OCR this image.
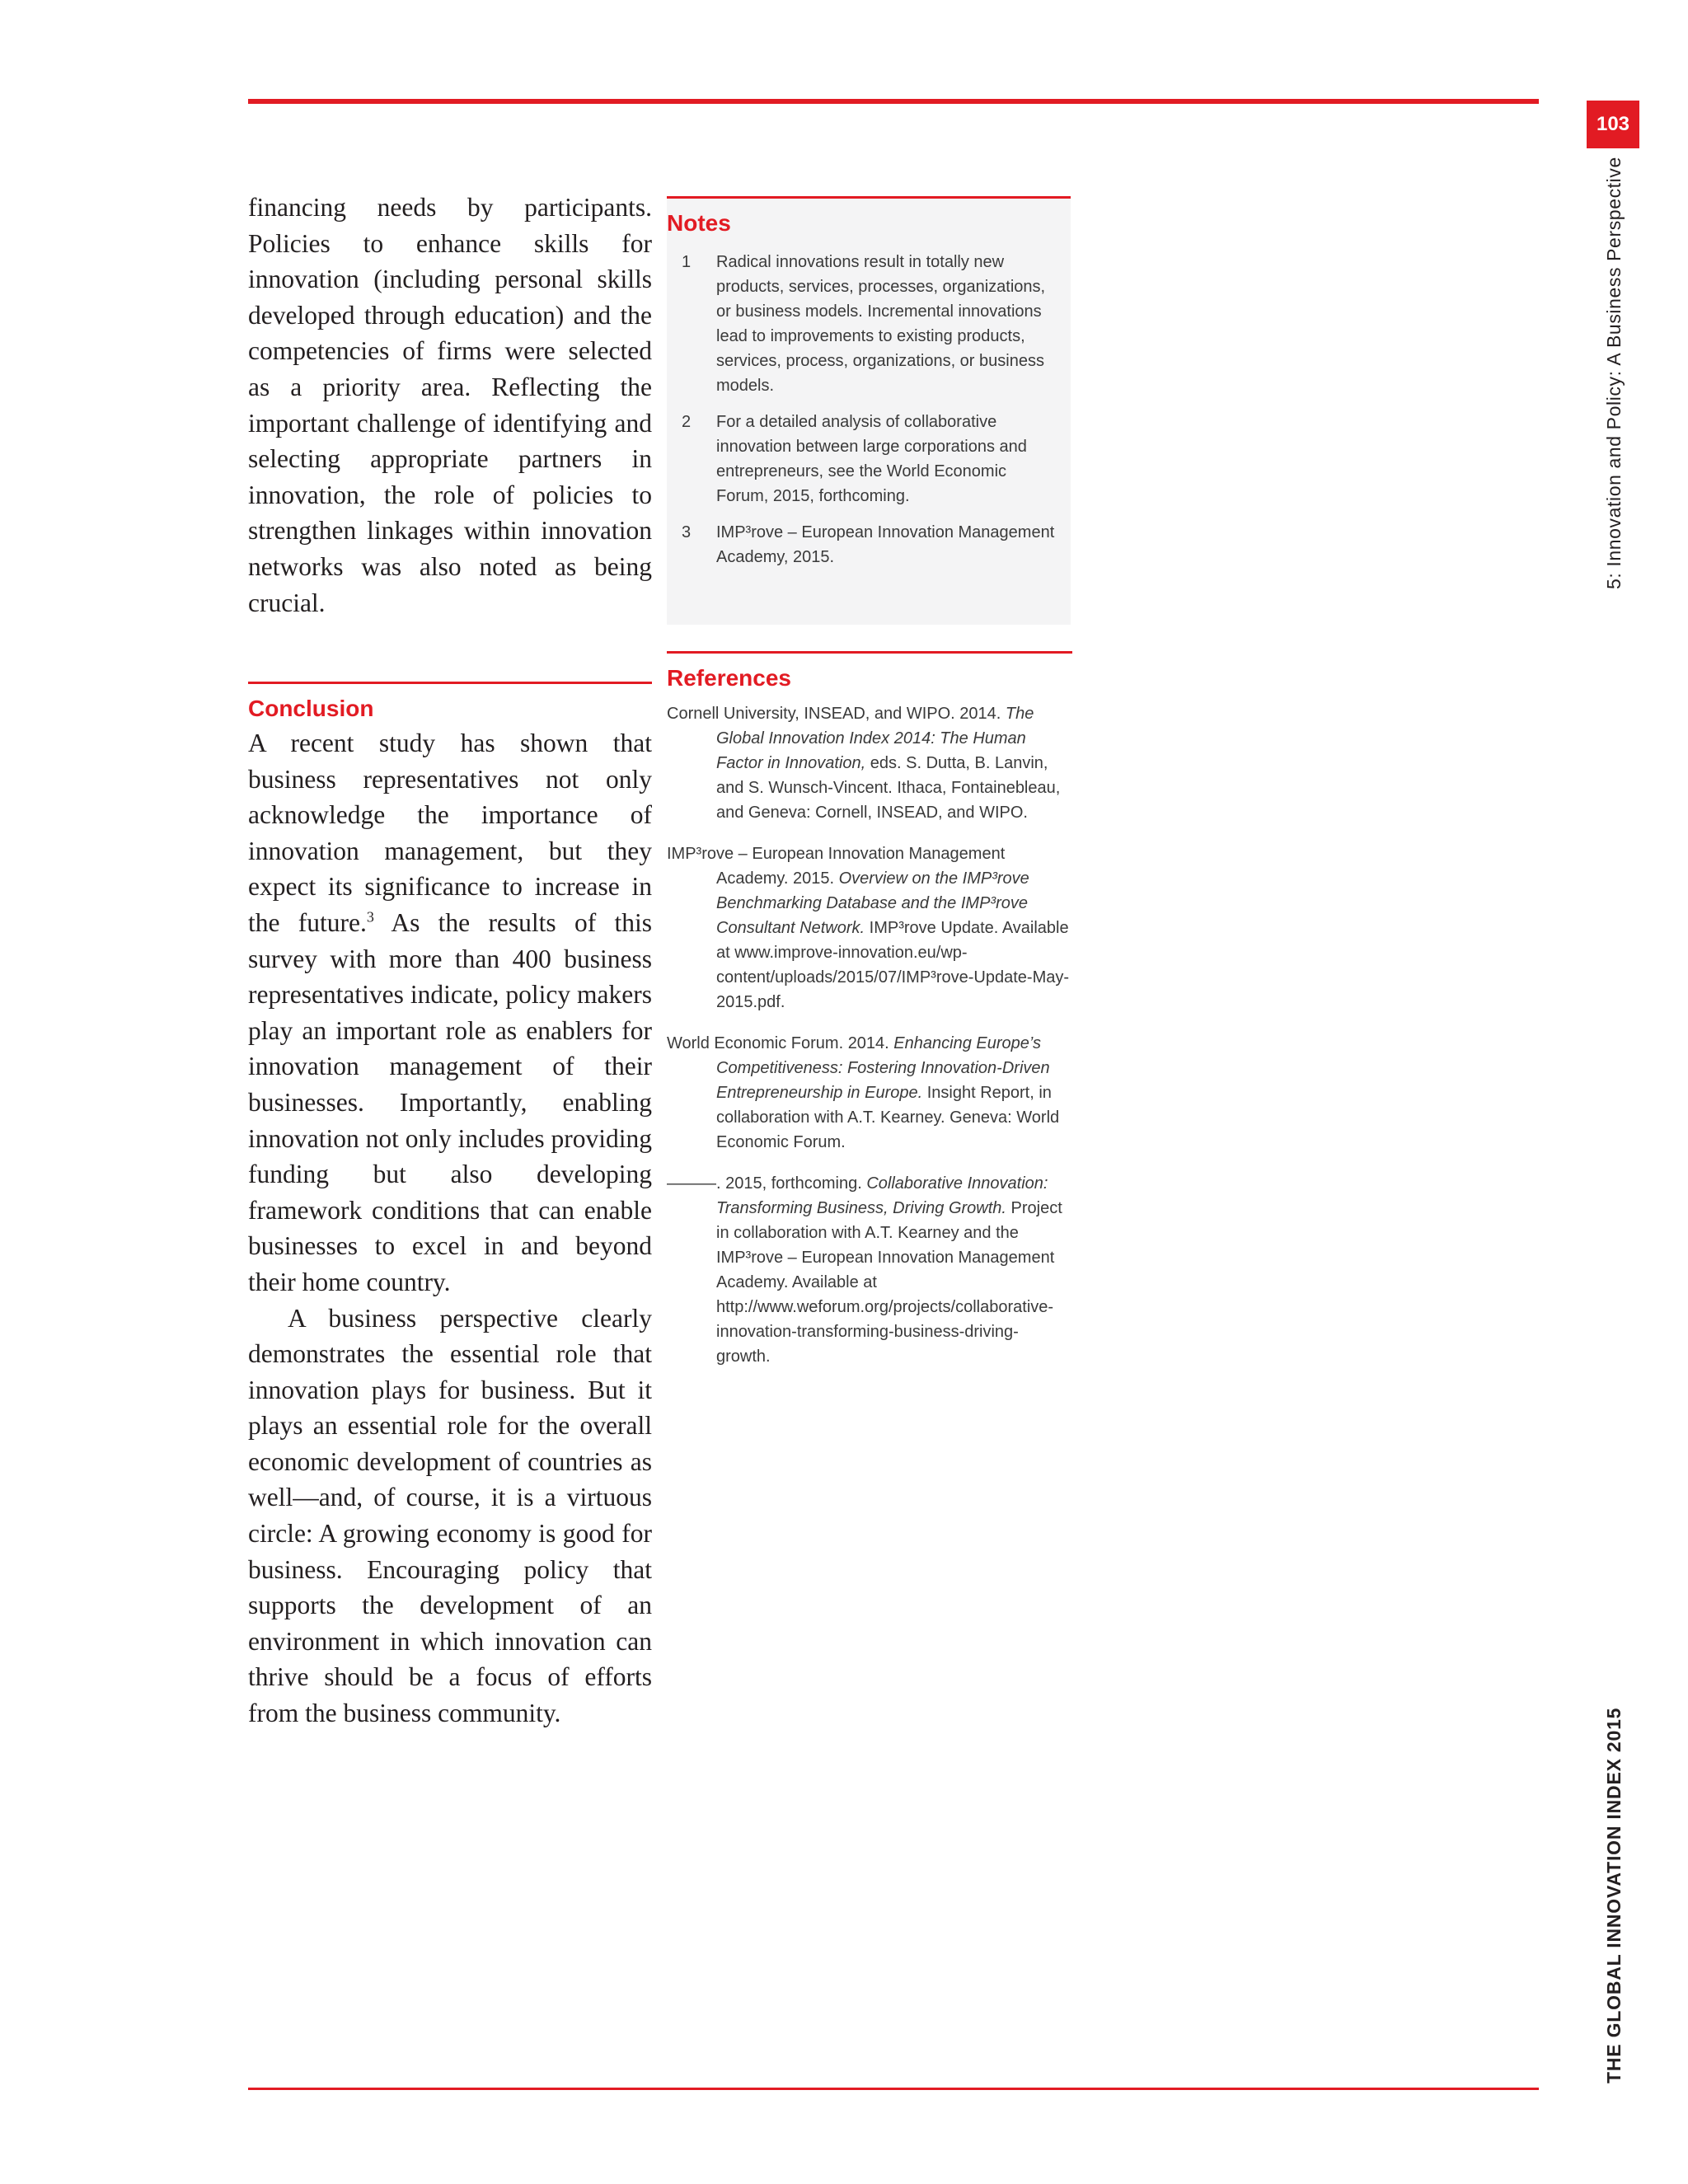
103
5: Innovation and Policy: A Business Perspective
THE GLOBAL INNOVATION INDEX 2015

financing needs by participants. Policies to enhance skills for innovation (including personal skills developed through education) and the competencies of firms were selected as a priority area. Reflecting the important challenge of identifying and selecting appropriate partners in innovation, the role of policies to strengthen linkages within innovation networks was also noted as being crucial.

Conclusion

A recent study has shown that business representatives not only acknowledge the importance of innovation management, but they expect its significance to increase in the future.$^3$ As the results of this survey with more than 400 business representatives indicate, policy makers play an important role as enablers for innovation management of their businesses. Importantly, enabling innovation not only includes providing funding but also developing framework conditions that can enable businesses to excel in and beyond their home country.

A business perspective clearly demonstrates the essential role that innovation plays for business. But it plays an essential role for the overall economic development of countries as well—and, of course, it is a virtuous circle: A growing economy is good for business. Encouraging policy that supports the development of an environment in which innovation can thrive should be a focus of efforts from the business community.

Notes
1	Radical innovations result in totally new products, services, processes, organizations, or business models. Incremental innovations lead to improvements to existing products, services, process, organizations, or business models.
2	For a detailed analysis of collaborative innovation between large corporations and entrepreneurs, see the World Economic Forum, 2015, forthcoming.
3	IMP³rove – European Innovation Management Academy, 2015.
References
Cornell University, INSEAD, and WIPO. 2014. The Global Innovation Index 2014: The Human Factor in Innovation, eds. S. Dutta, B. Lanvin, and S. Wunsch-Vincent. Ithaca, Fontainebleau, and Geneva: Cornell, INSEAD, and WIPO.
IMP³rove – European Innovation Management Academy. 2015. Overview on the IMP³rove Benchmarking Database and the IMP³rove Consultant Network. IMP³rove Update. Available at www.improve-innovation.eu/wp-content/uploads/2015/07/IMP³rove-Update-May-2015.pdf.
World Economic Forum. 2014. Enhancing Europe’s Competitiveness: Fostering Innovation-Driven Entrepreneurship in Europe. Insight Report, in collaboration with A.T. Kearney. Geneva: World Economic Forum.
———. 2015, forthcoming. Collaborative Innovation: Transforming Business, Driving Growth. Project in collaboration with A.T. Kearney and the IMP³rove – European Innovation Management Academy. Available at http://www.weforum.org/projects/collaborative-innovation-transforming-business-driving-growth.
